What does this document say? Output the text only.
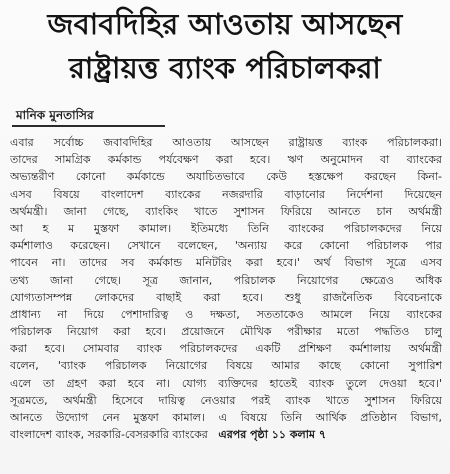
জবাবদিহির আওতায় আসছেন
রাষ্ট্রায়ত্ত ব্যাংক পরিচালকরা
মানিক মুনতাসির
এবার সর্বোচ্চ জবাবদিহির আওতায় আসছেন রাষ্ট্রায়ত্ত ব্যাংক পরিচালকরা।
তাদের সামগ্রিক কর্মকান্ড পর্যবেক্ষণ করা হবে। ঋণ অনুমোদন বা ব্যাংকের
অভ্যন্তরীণ কোনো কর্মকান্ডে অযাচিতভাবে কেউ হস্তক্ষেপ করছেন কিনা-
এসব বিষয়ে বাংলাদেশ ব্যাংকের নজরদারি বাড়ানোর নির্দেশনা দিয়েছেন
অর্থমন্ত্রী। জানা গেছে, ব্যাংকিং খাতে সুশাসন ফিরিয়ে আনতে চান অর্থমন্ত্রী
আ হ ম মুস্তফা কামাল। ইতিমধ্যে তিনি ব্যাংকের পরিচালকদের নিয়ে
কর্মশালাও করেছেন। সেখানে বলেছেন, 'অন্যায় করে কোনো পরিচালক পার
পাবেন না। তাদের সব কর্মকান্ড মনিটরিং করা হবে।' অর্থ বিভাগ সূত্রে এসব
তথ্য জানা গেছে। সূত্র জানান, পরিচালক নিয়োগের ক্ষেত্রেও অধিক
যোগ্যতাসম্পন্ন লোকদের বাছাই করা হবে। শুধু রাজনৈতিক বিবেচনাকে
প্রাধান্য না দিয়ে পেশাদারিত্ব ও দক্ষতা, সততাকেও আমলে নিয়ে ব্যাংকের
পরিচালক নিয়োগ করা হবে। প্রয়োজনে মৌখিক পরীক্ষার মতো পদ্ধতিও চালু
করা হবে। সোমবার ব্যাংক পরিচালকদের একটি প্রশিক্ষণ কর্মশালায় অর্থমন্ত্রী
বলেন, 'ব্যাংক পরিচালক নিয়োগের বিষয়ে আমার কাছে কোনো সুপারিশ
এলে তা গ্রহণ করা হবে না। যোগ্য ব্যক্তিদের হাতেই ব্যাংক তুলে দেওয়া হবে।'
সূত্রমতে, অর্থমন্ত্রী হিসেবে দায়িত্ব নেওয়ার পরই ব্যাংক খাতে সুশাসন ফিরিয়ে
আনতে উদ্যোগ নেন মুস্তফা কামাল। এ বিষয়ে তিনি আর্থিক প্রতিষ্ঠান বিভাগ,
বাংলাদেশ ব্যাংক, সরকারি-বেসরকারি ব্যাংকের এরপর পৃষ্ঠা ১১ কলাম ৭
